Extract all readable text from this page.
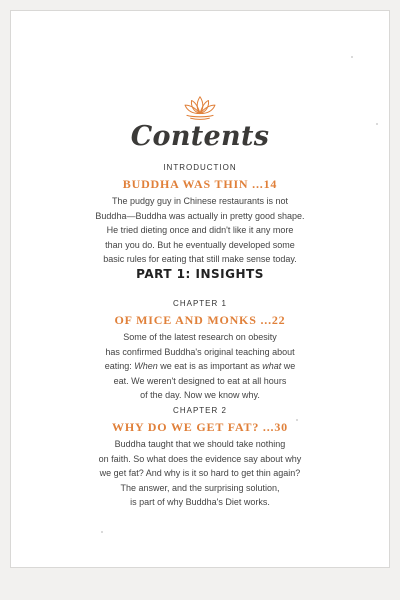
Contents
INTRODUCTION
BUDDHA WAS THIN ...14
The pudgy guy in Chinese restaurants is not
Buddha—Buddha was actually in pretty good shape.
He tried dieting once and didn't like it any more
than you do. But he eventually developed some
basic rules for eating that still make sense today.
PART 1: INSIGHTS
CHAPTER 1
OF MICE AND MONKS ...22
Some of the latest research on obesity
has confirmed Buddha's original teaching about
eating: When we eat is as important as what we
eat. We weren't designed to eat at all hours
of the day. Now we know why.
CHAPTER 2
WHY DO WE GET FAT? ...30
Buddha taught that we should take nothing
on faith. So what does the evidence say about why
we get fat? And why is it so hard to get thin again?
The answer, and the surprising solution,
is part of why Buddha's Diet works.
